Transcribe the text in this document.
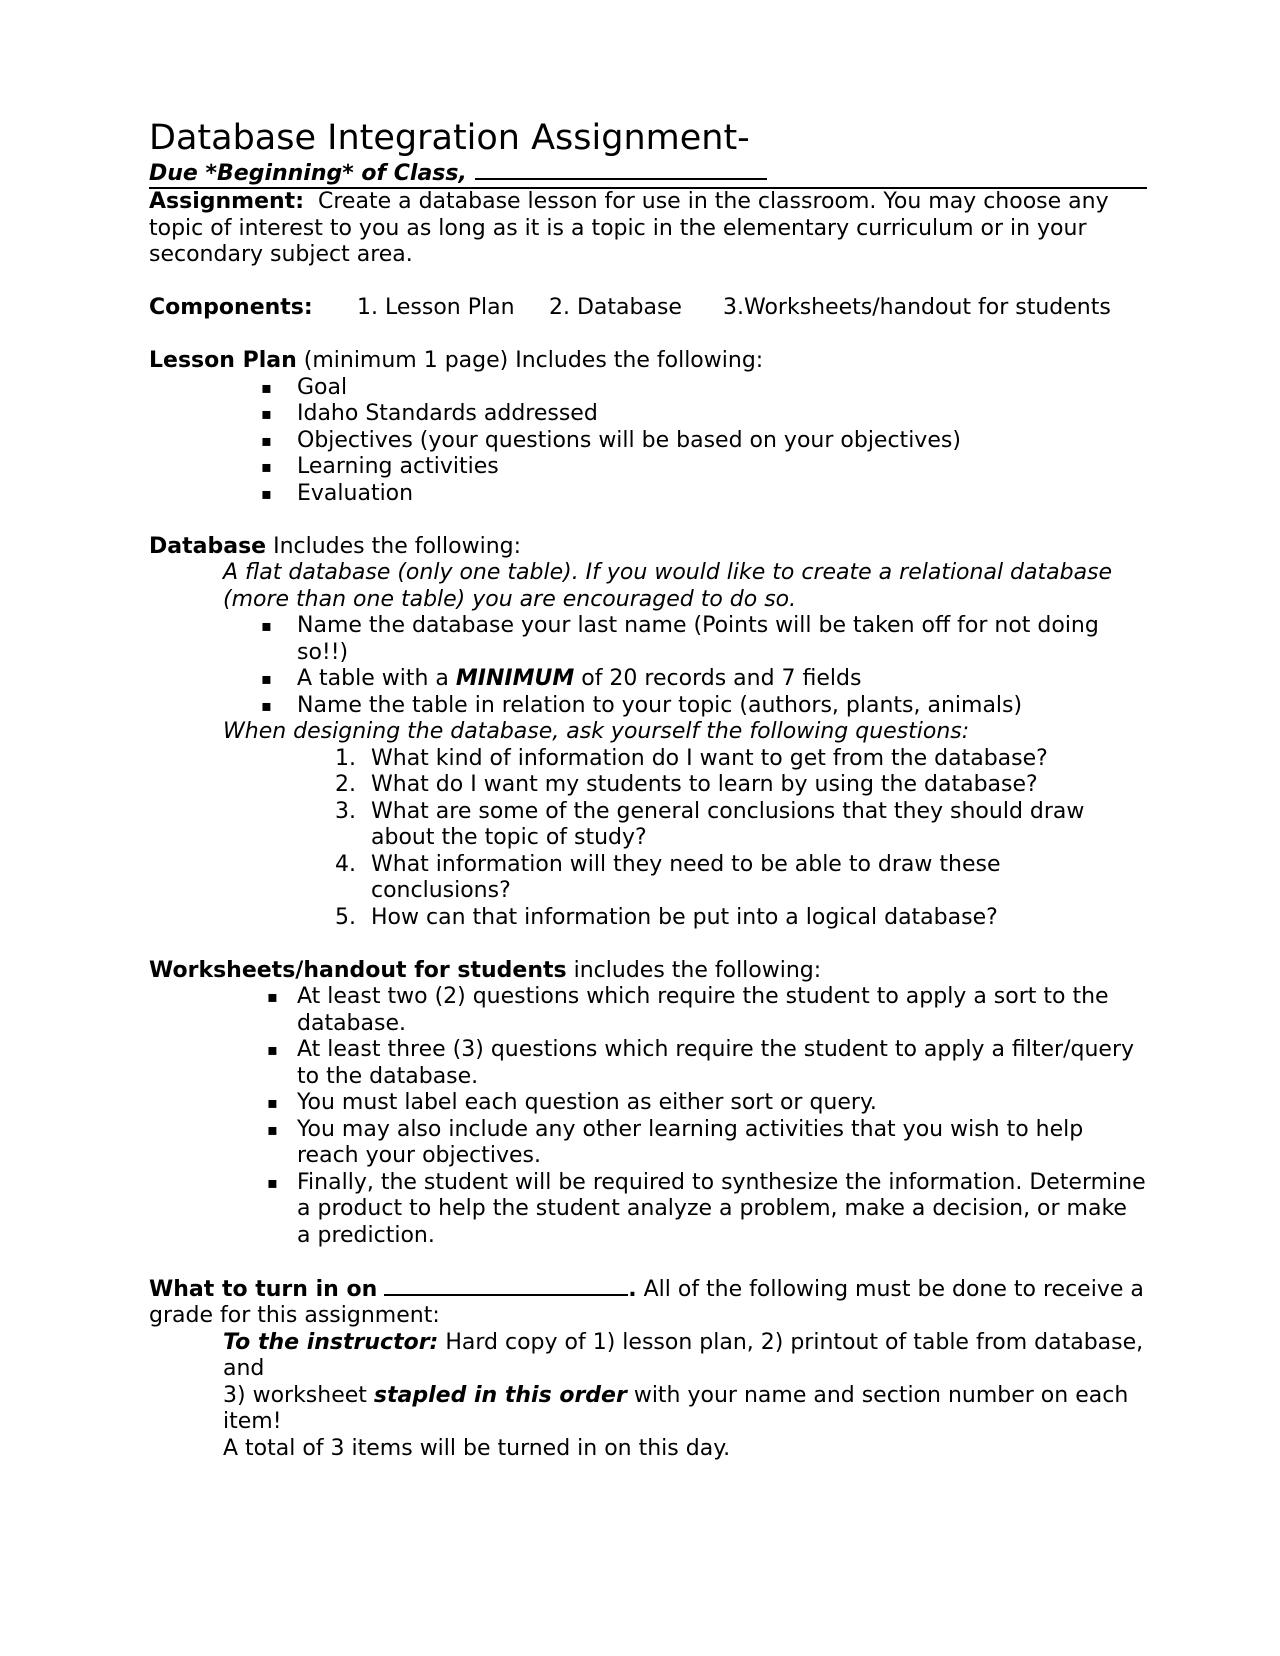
Database Integration Assignment-

Due *Beginning* of Class,

Assignment: Create a database lesson for use in the classroom. You may choose any topic of interest to you as long as it is a topic in the elementary curriculum or in your secondary subject area.

Components: 1. Lesson Plan 2. Database 3.Worksheets/handout for students

Lesson Plan (minimum 1 page) Includes the following:

▪ Goal
▪ Idaho Standards addressed
▪ Objectives (your questions will be based on your objectives)
▪ Learning activities
▪ Evaluation

Database Includes the following:

A flat database (only one table). If you would like to create a relational database (more than one table) you are encouraged to do so.

▪ Name the database your last name (Points will be taken off for not doing so!!)
▪ A table with a MINIMUM of 20 records and 7 fields
▪ Name the table in relation to your topic (authors, plants, animals)

When designing the database, ask yourself the following questions:

1. What kind of information do I want to get from the database?
2. What do I want my students to learn by using the database?
3. What are some of the general conclusions that they should draw about the topic of study?
4. What information will they need to be able to draw these conclusions?
5. How can that information be put into a logical database?

Worksheets/handout for students includes the following:

▪ At least two (2) questions which require the student to apply a sort to the database.
▪ At least three (3) questions which require the student to apply a filter/query to the database.
▪ You must label each question as either sort or query.
▪ You may also include any other learning activities that you wish to help reach your objectives.
▪ Finally, the student will be required to synthesize the information. Determine a product to help the student analyze a problem, make a decision, or make a prediction.

What to turn in on	. All of the following must be done to receive a grade for this assignment:

To the instructor: Hard copy of 1) lesson plan, 2) printout of table from database, and

3) worksheet stapled in this order with your name and section number on each item!

A total of 3 items will be turned in on this day.
